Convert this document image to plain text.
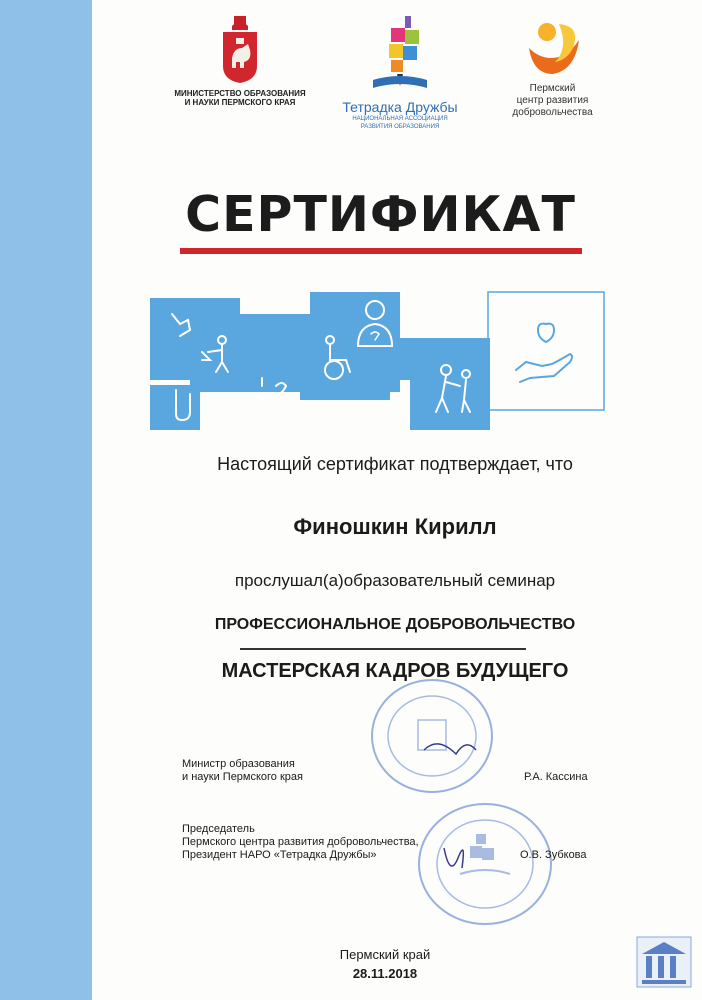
МИНИСТЕРСТВО ОБРАЗОВАНИЯ
И НАУКИ ПЕРМСКОГО КРАЯ	Тетрадка Дружбы
НАЦИОНАЛЬНАЯ АССОЦИАЦИЯ
РАЗВИТИЯ ОБРАЗОВАНИЯ
Пермский
центр развития
добровольчества
СЕРТИФИКАТ
Настоящий сертификат подтверждает, что
Финошкин Кирилл
прослушал(а)образовательный семинар
ПРОФЕССИОНАЛЬНОЕ ДОБРОВОЛЬЧЕСТВО
МАСТЕРСКАЯ КАДРОВ БУДУЩЕГО
Министр образования
и науки Пермского края	Р.А. Кассина
Председатель
Пермского центра развития добровольчества,
Президент НАРО «Тетрадка Дружбы»	О.В. Зубкова
Пермский край
28.11.2018
